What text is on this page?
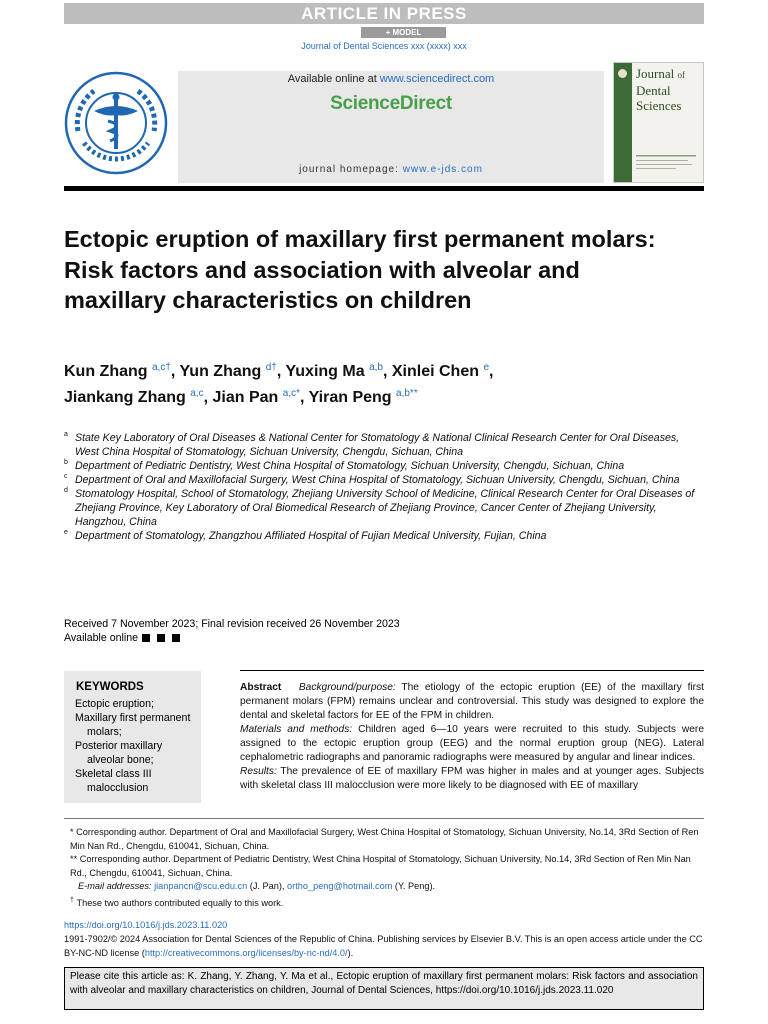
ARTICLE IN PRESS
+ MODEL
Journal of Dental Sciences xxx (xxxx) xxx
Available online at www.sciencedirect.com
ScienceDirect
journal homepage: www.e-jds.com
Journal of
Dental
Sciences
Ectopic eruption of maxillary first permanent molars: Risk factors and association with alveolar and maxillary characteristics on children
Kun Zhang $^{a,c\dagger}$, Yun Zhang $^{d\dagger}$, Yuxing Ma $^{a,b}$, Xinlei Chen $^e$,
Jiankang Zhang $^{a,c}$, Jian Pan $^{a,c*}$, Yiran Peng $^{a,b**}$
a State Key Laboratory of Oral Diseases & National Center for Stomatology & National Clinical Research Center for Oral Diseases, West China Hospital of Stomatology, Sichuan University, Chengdu, Sichuan, China
b Department of Pediatric Dentistry, West China Hospital of Stomatology, Sichuan University, Chengdu, Sichuan, China
c Department of Oral and Maxillofacial Surgery, West China Hospital of Stomatology, Sichuan University, Chengdu, Sichuan, China
d Stomatology Hospital, School of Stomatology, Zhejiang University School of Medicine, Clinical Research Center for Oral Diseases of Zhejiang Province, Key Laboratory of Oral Biomedical Research of Zhejiang Province, Cancer Center of Zhejiang University, Hangzhou, China
e Department of Stomatology, Zhangzhou Affiliated Hospital of Fujian Medical University, Fujian, China
Received 7 November 2023; Final revision received 26 November 2023
Available online
KEYWORDS
Ectopic eruption;
Maxillary first permanent molars;
Posterior maxillary alveolar bone;
Skeletal class III malocclusion
Abstract Background/purpose: The etiology of the ectopic eruption (EE) of the maxillary first permanent molars (FPM) remains unclear and controversial. This study was designed to explore the dental and skeletal factors for EE of the FPM in children.
Materials and methods: Children aged 6—10 years were recruited to this study. Subjects were assigned to the ectopic eruption group (EEG) and the normal eruption group (NEG). Lateral cephalometric radiographs and panoramic radiographs were measured by angular and linear indices.
Results: The prevalence of EE of maxillary FPM was higher in males and at younger ages. Subjects with skeletal class III malocclusion were more likely to be diagnosed with EE of maxillary
* Corresponding author. Department of Oral and Maxillofacial Surgery, West China Hospital of Stomatology, Sichuan University, No.14, 3Rd Section of Ren Min Nan Rd., Chengdu, 610041, Sichuan, China.
** Corresponding author. Department of Pediatric Dentistry, West China Hospital of Stomatology, Sichuan University, No.14, 3Rd Section of Ren Min Nan Rd., Chengdu, 610041, Sichuan, China.
E-mail addresses: jianpancn@scu.edu.cn (J. Pan), ortho_peng@hotmail.com (Y. Peng).
† These two authors contributed equally to this work.
https://doi.org/10.1016/j.jds.2023.11.020
1991-7902/© 2024 Association for Dental Sciences of the Republic of China. Publishing services by Elsevier B.V. This is an open access article under the CC BY-NC-ND license (http://creativecommons.org/licenses/by-nc-nd/4.0/).
Please cite this article as: K. Zhang, Y. Zhang, Y. Ma et al., Ectopic eruption of maxillary first permanent molars: Risk factors and association with alveolar and maxillary characteristics on children, Journal of Dental Sciences, https://doi.org/10.1016/j.jds.2023.11.020
